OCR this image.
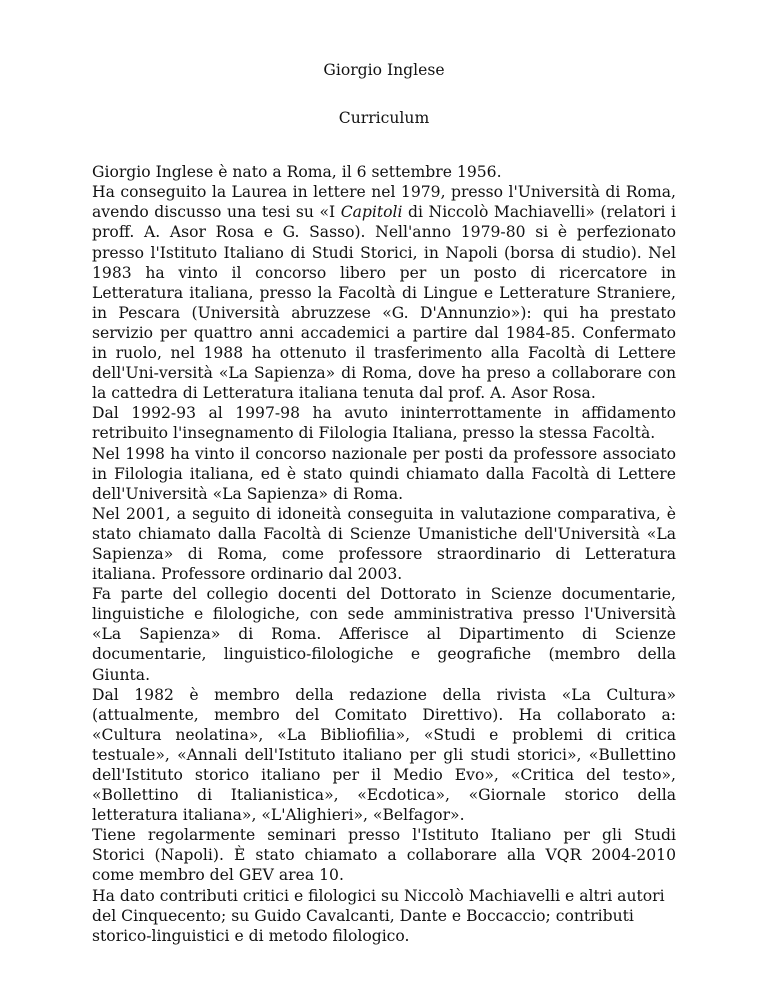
Giorgio Inglese
Curriculum

Giorgio Inglese è nato a Roma, il 6 settembre 1956.

Ha conseguito la Laurea in lettere nel 1979, presso l'Università di Roma, avendo discusso una tesi su «I Capitoli di Niccolò Machiavelli» (relatori i proff. A. Asor Rosa e G. Sasso). Nell'anno 1979-80 si è perfezionato presso l'Istituto Italiano di Studi Storici, in Napoli (borsa di studio). Nel 1983 ha vinto il concorso libero per un posto di ricercatore in Letteratura italiana, presso la Facoltà di Lingue e Letterature Straniere, in Pescara (Università abruzzese «G. D'Annunzio»): qui ha prestato servizio per quattro anni accademici a partire dal 1984-85. Confermato in ruolo, nel 1988 ha ottenuto il trasferimento alla Facoltà di Lettere dell'Uni-versità «La Sapienza» di Roma, dove ha preso a collaborare con la cattedra di Letteratura italiana tenuta dal prof. A. Asor Rosa.

Dal 1992-93 al 1997-98 ha avuto ininterrottamente in affidamento retribuito l'insegnamento di Filologia Italiana, presso la stessa Facoltà.

Nel 1998 ha vinto il concorso nazionale per posti da professore associato in Filologia italiana, ed è stato quindi chiamato dalla Facoltà di Lettere dell'Università «La Sapienza» di Roma.

Nel 2001, a seguito di idoneità conseguita in valutazione comparativa, è stato chiamato dalla Facoltà di Scienze Umanistiche dell'Università «La Sapienza» di Roma, come professore straordinario di Letteratura italiana. Professore ordinario dal 2003.

Fa parte del collegio docenti del Dottorato in Scienze documentarie, linguistiche e filologiche, con sede amministrativa presso l'Università «La Sapienza» di Roma. Afferisce al Dipartimento di Scienze documentarie, linguistico-filologiche e geografiche (membro della Giunta.

Dal 1982 è membro della redazione della rivista «La Cultura» (attualmente, membro del Comitato Direttivo). Ha collaborato a: «Cultura neolatina», «La Bibliofilia», «Studi e problemi di critica testuale», «Annali dell'Istituto italiano per gli studi storici», «Bullettino dell'Istituto storico italiano per il Medio Evo», «Critica del testo», «Bollettino di Italianistica», «Ecdotica», «Giornale storico della letteratura italiana», «L'Alighieri», «Belfagor».

Tiene regolarmente seminari presso l'Istituto Italiano per gli Studi Storici (Napoli). È stato chiamato a collaborare alla VQR 2004-2010 come membro del GEV area 10.

Ha dato contributi critici e filologici su Niccolò Machiavelli e altri autori del Cinquecento; su Guido Cavalcanti, Dante e Boccaccio; contributi storico-linguistici e di metodo filologico.
